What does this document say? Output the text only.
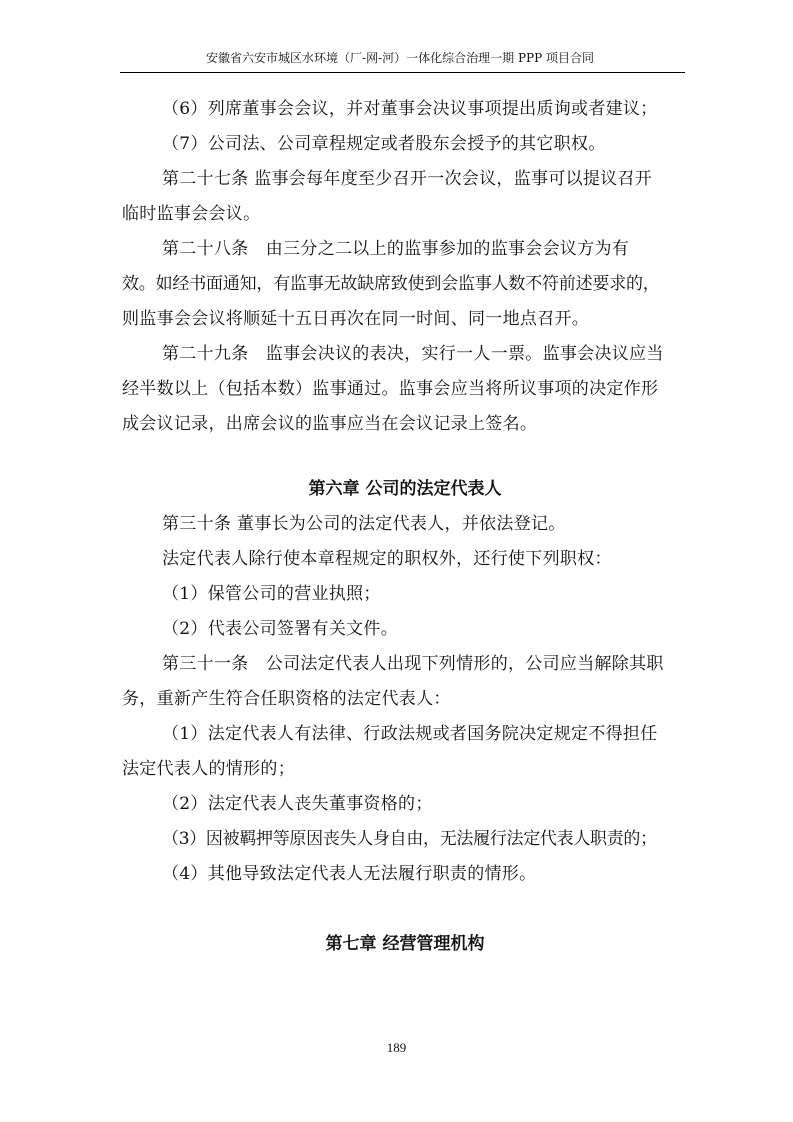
安徽省六安市城区水环境（厂-网-河）一体化综合治理一期 PPP 项目合同

（6）列席董事会会议，并对董事会决议事项提出质询或者建议；

（7）公司法、公司章程规定或者股东会授予的其它职权。

第二十七条 监事会每年度至少召开一次会议，监事可以提议召开

临时监事会会议。

第二十八条　由三分之二以上的监事参加的监事会会议方为有

效。如经书面通知，有监事无故缺席致使到会监事人数不符前述要求的，

则监事会会议将顺延十五日再次在同一时间、同一地点召开。

第二十九条　监事会决议的表决，实行一人一票。监事会决议应当

经半数以上（包括本数）监事通过。监事会应当将所议事项的决定作形

成会议记录，出席会议的监事应当在会议记录上签名。

第六章 公司的法定代表人

第三十条 董事长为公司的法定代表人，并依法登记。

法定代表人除行使本章程规定的职权外，还行使下列职权：

（1）保管公司的营业执照；

（2）代表公司签署有关文件。

第三十一条　公司法定代表人出现下列情形的，公司应当解除其职

务，重新产生符合任职资格的法定代表人：

（1）法定代表人有法律、行政法规或者国务院决定规定不得担任

法定代表人的情形的；

（2）法定代表人丧失董事资格的；

（3）因被羁押等原因丧失人身自由，无法履行法定代表人职责的；

（4）其他导致法定代表人无法履行职责的情形。

第七章 经营管理机构
189
